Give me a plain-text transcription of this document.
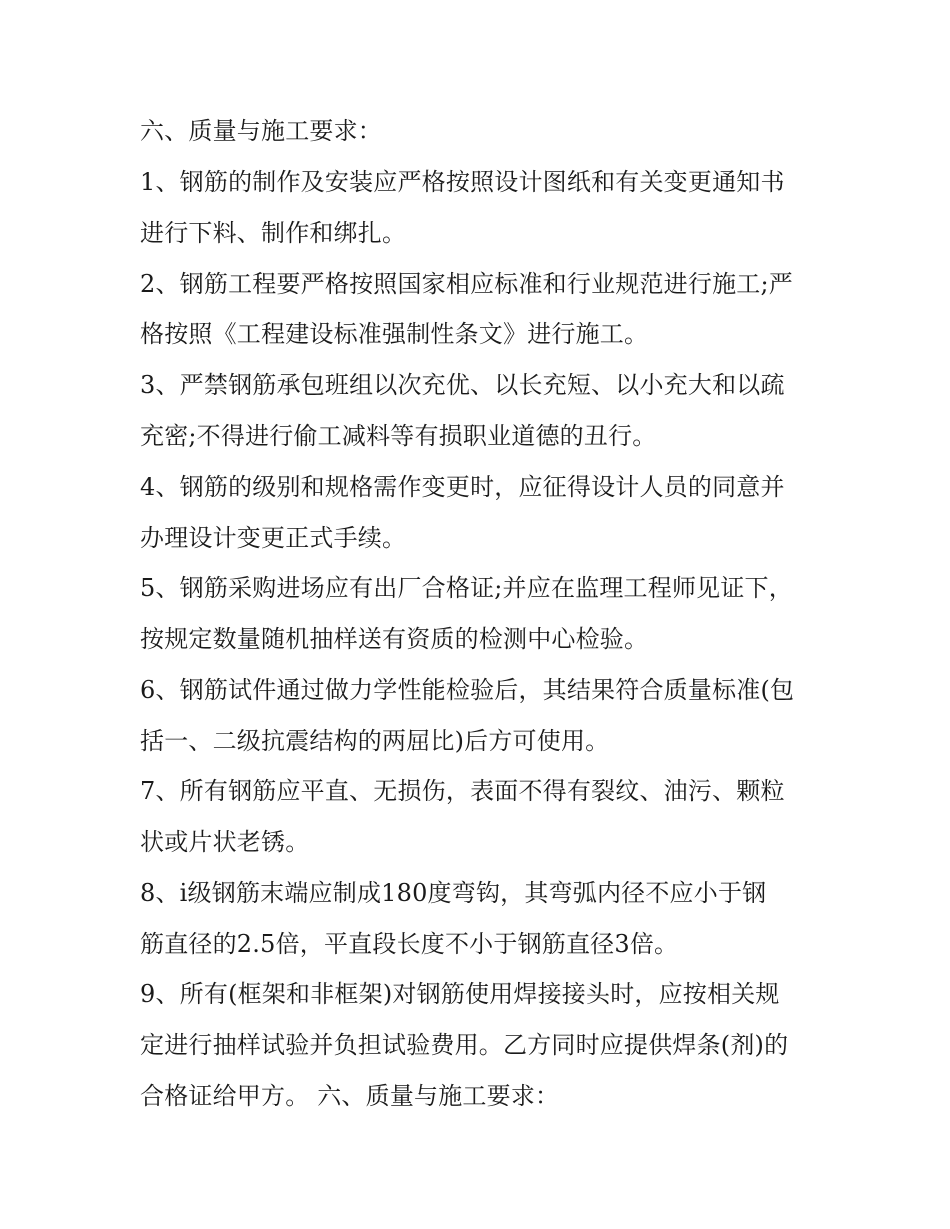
六、质量与施工要求：
1、钢筋的制作及安装应严格按照设计图纸和有关变更通知书
进行下料、制作和绑扎。
2、钢筋工程要严格按照国家相应标准和行业规范进行施工;严
格按照《工程建设标准强制性条文》进行施工。
3、严禁钢筋承包班组以次充优、以长充短、以小充大和以疏
充密;不得进行偷工减料等有损职业道德的丑行。
4、钢筋的级别和规格需作变更时，应征得设计人员的同意并
办理设计变更正式手续。
5、钢筋采购进场应有出厂合格证;并应在监理工程师见证下，
按规定数量随机抽样送有资质的检测中心检验。
6、钢筋试件通过做力学性能检验后，其结果符合质量标准(包
括一、二级抗震结构的两屈比)后方可使用。
7、所有钢筋应平直、无损伤，表面不得有裂纹、油污、颗粒
状或片状老锈。
8、ⅰ级钢筋末端应制成180度弯钩，其弯弧内径不应小于钢
筋直径的2.5倍，平直段长度不小于钢筋直径3倍。
9、所有(框架和非框架)对钢筋使用焊接接头时，应按相关规
定进行抽样试验并负担试验费用。乙方同时应提供焊条(剂)的
合格证给甲方。 六、质量与施工要求：
